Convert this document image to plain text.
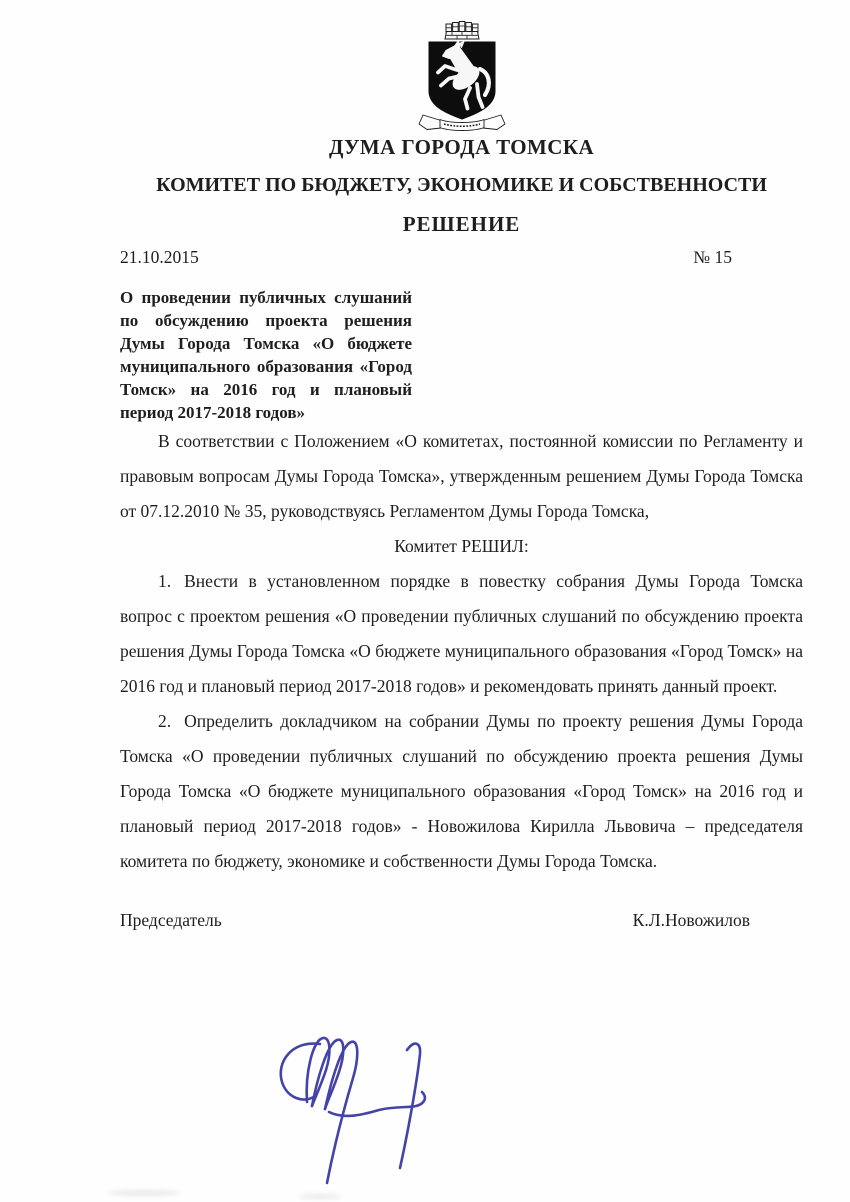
ДУМА ГОРОДА ТОМСКА
КОМИТЕТ ПО БЮДЖЕТУ, ЭКОНОМИКЕ И СОБСТВЕННОСТИ
РЕШЕНИЕ
21.10.2015	№ 15
О проведении публичных слушаний по обсуждению проекта решения Думы Города Томска «О бюджете муниципального образования «Город Томск» на 2016 год и плановый период 2017-2018 годов»

В соответствии с Положением «О комитетах, постоянной комиссии по Регламенту и правовым вопросам Думы Города Томска», утвержденным решением Думы Города Томска от 07.12.2010 № 35, руководствуясь Регламентом Думы Города Томска,

Комитет РЕШИЛ:

1. Внести в установленном порядке в повестку собрания Думы Города Томска вопрос с проектом решения «О проведении публичных слушаний по обсуждению проекта решения Думы Города Томска «О бюджете муниципального образования «Город Томск» на 2016 год и плановый период 2017-2018 годов» и рекомендовать принять данный проект.

2. Определить докладчиком на собрании Думы по проекту решения Думы Города Томска «О проведении публичных слушаний по обсуждению проекта решения Думы Города Томска «О бюджете муниципального образования «Город Томск» на 2016 год и плановый период 2017-2018 годов» - Новожилова Кирилла Львовича – председателя комитета по бюджету, экономике и собственности Думы Города Томска.

Председатель	К.Л.Новожилов
